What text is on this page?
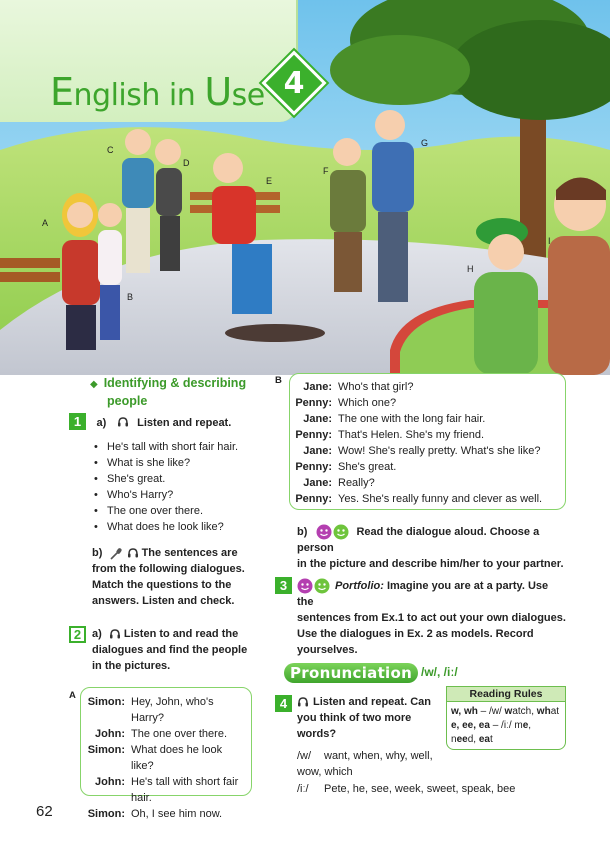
A
B
C
D
E
F
G
H
I
English in Use 4
◆ Identifying & describing
people
1 a)	Listen and repeat.
• He's tall with short fair hair.
• What is she like?
• She's great.
• Who's Harry?
• The one over there.
• What does he look like?
b)	The sentences are
from the following dialogues.
Match the questions to the
answers. Listen and check.
2 a) Listen to and read the
dialogues and find the people
in the pictures.
A
Simon: Hey, John, who's Harry?
John: The one over there.
Simon: What does he look like?
John: He's tall with short fair
hair.
Simon: Oh, I see him now.
62
B
Jane: Who's that girl?
Penny: Which one?
Jane: The one with the long fair hair.
Penny: That's Helen. She's my friend.
Jane: Wow! She's really pretty. What's she like?
Penny: She's great.
Jane: Really?
Penny: Yes. She's really funny and clever as well.
b)	Read the dialogue aloud. Choose a person
in the picture and describe him/her to your partner.
3	Portfolio: Imagine you are at a party. Use the
sentences from Ex.1 to act out your own dialogues.
Use the dialogues in Ex. 2 as models. Record
yourselves.
Pronunciation /w/, /iː/
4	Listen and repeat. Can
you think of two more
words?
/w/ want, when, why, well,
wow, which
/iː/ Pete, he, see, week, sweet, speak, bee
Reading Rules
w, wh – /w/ watch, what
e, ee, ea – /iː/ me,
need, eat
